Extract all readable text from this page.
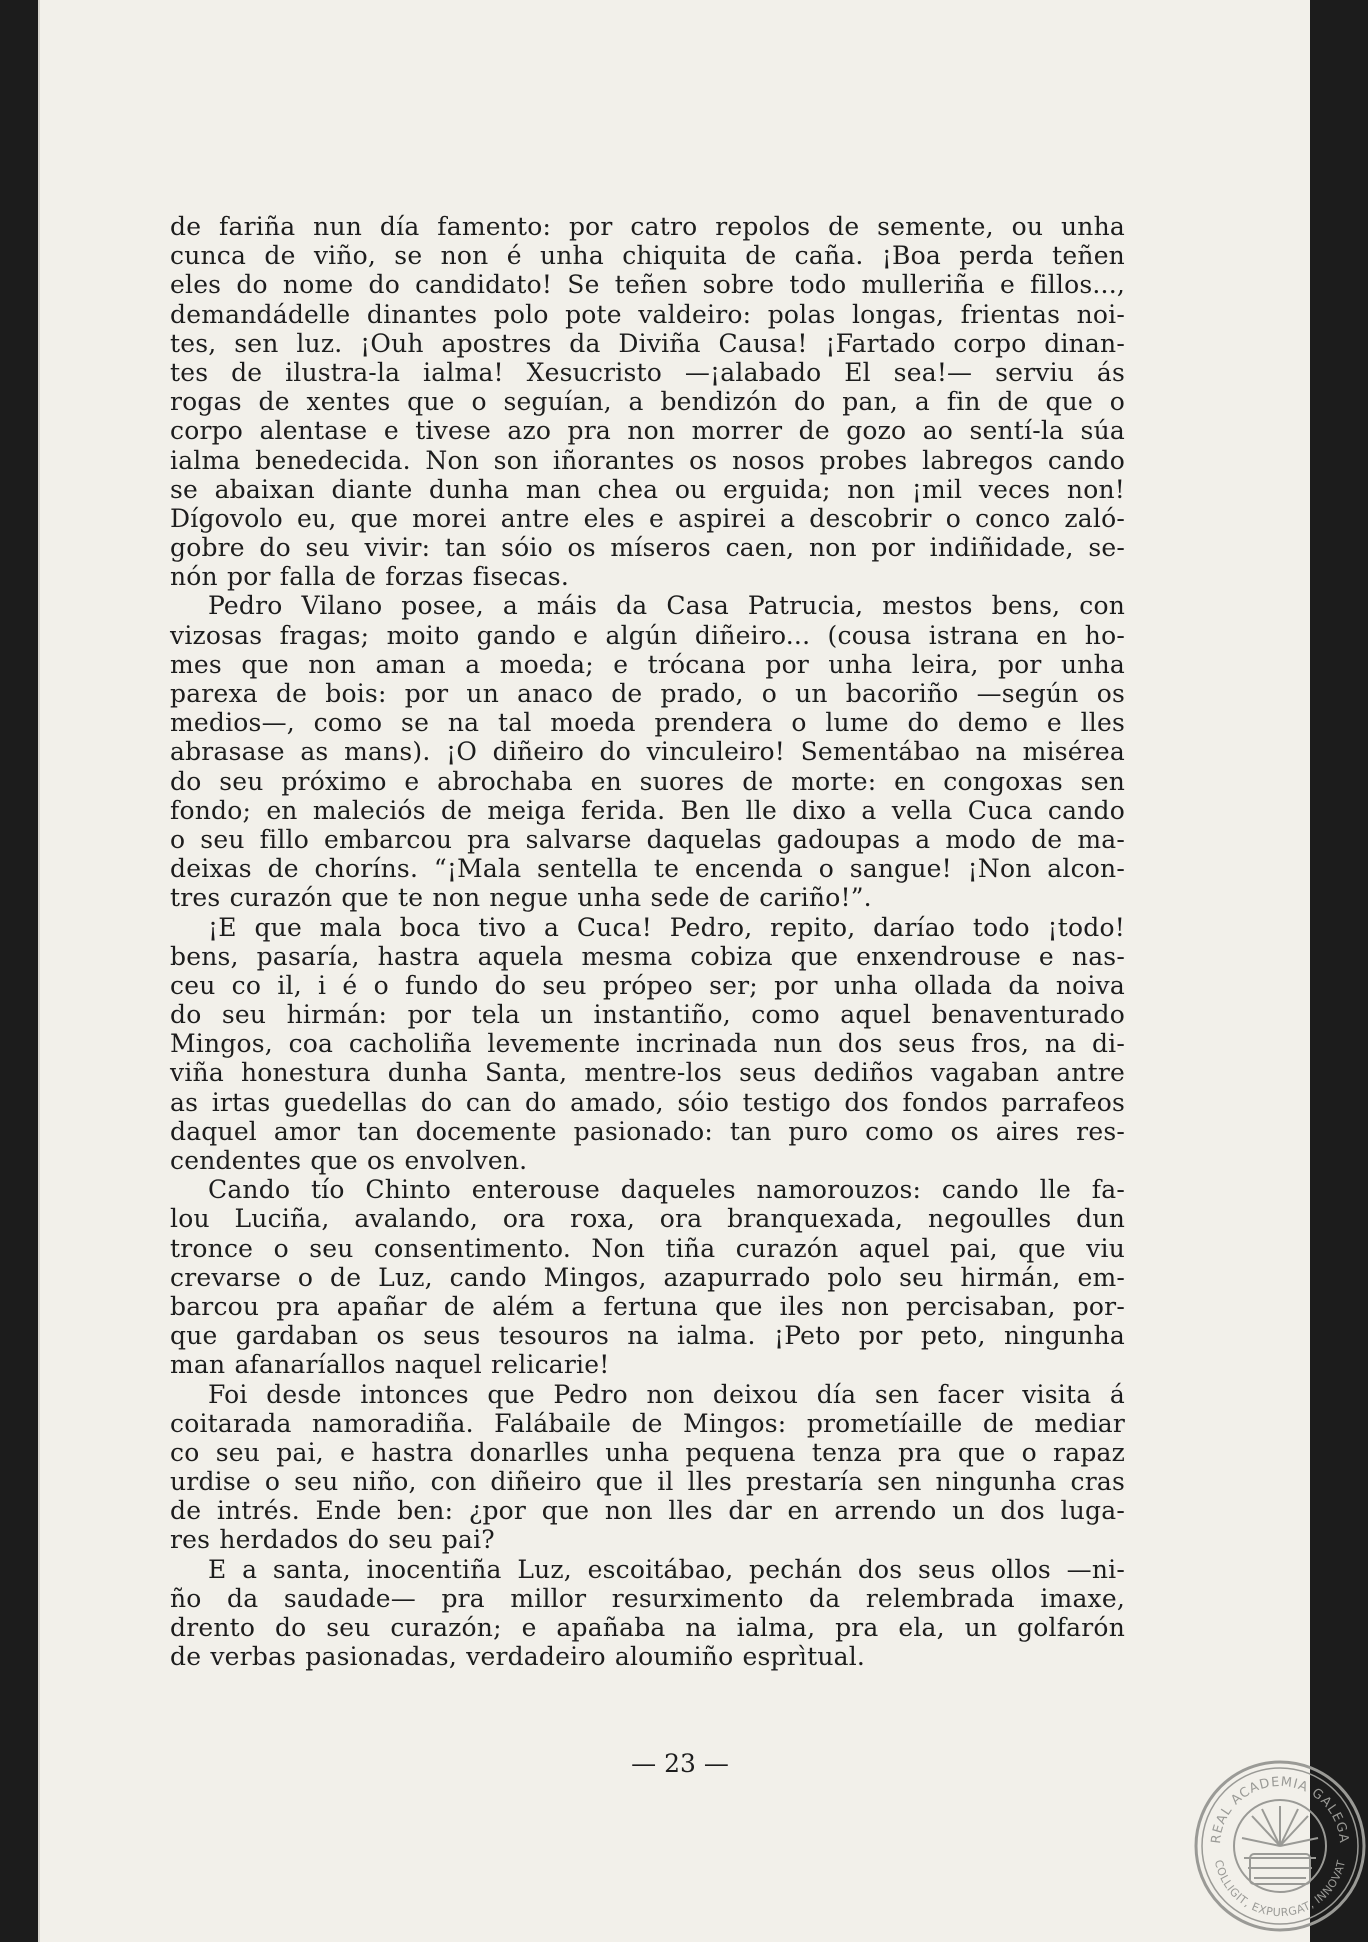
de fariña nun día famento: por catro repolos de semente, ou unha
cunca de viño, se non é unha chiquita de caña. ¡Boa perda teñen
eles do nome do candidato! Se teñen sobre todo mulleriña e fillos...,
demandádelle dinantes polo pote valdeiro: polas longas, frientas noi-
tes, sen luz. ¡Ouh apostres da Diviña Causa! ¡Fartado corpo dinan-
tes de ilustra-la ialma! Xesucristo —¡alabado El sea!— serviu ás
rogas de xentes que o seguían, a bendizón do pan, a fin de que o
corpo alentase e tivese azo pra non morrer de gozo ao sentí-la súa
ialma benedecida. Non son iñorantes os nosos probes labregos cando
se abaixan diante dunha man chea ou erguida; non ¡mil veces non!
Dígovolo eu, que morei antre eles e aspirei a descobrir o conco zaló-
gobre do seu vivir: tan sóio os míseros caen, non por indiñidade, se-
nón por falla de forzas fisecas.
Pedro Vilano posee, a máis da Casa Patrucia, mestos bens, con
vizosas fragas; moito gando e algún diñeiro... (cousa istrana en ho-
mes que non aman a moeda; e trócana por unha leira, por unha
parexa de bois: por un anaco de prado, o un bacoriño —según os
medios—, como se na tal moeda prendera o lume do demo e lles
abrasase as mans). ¡O diñeiro do vinculeiro! Sementábao na misérea
do seu próximo e abrochaba en suores de morte: en congoxas sen
fondo; en maleciós de meiga ferida. Ben lle dixo a vella Cuca cando
o seu fillo embarcou pra salvarse daquelas gadoupas a modo de ma-
deixas de choríns. “¡Mala sentella te encenda o sangue! ¡Non alcon-
tres curazón que te non negue unha sede de cariño!”.
¡E que mala boca tivo a Cuca! Pedro, repito, daríao todo ¡todo!
bens, pasaría, hastra aquela mesma cobiza que enxendrouse e nas-
ceu co il, i é o fundo do seu própeo ser; por unha ollada da noiva
do seu hirmán: por tela un instantiño, como aquel benaventurado
Mingos, coa cacholiña levemente incrinada nun dos seus fros, na di-
viña honestura dunha Santa, mentre-los seus dediños vagaban antre
as irtas guedellas do can do amado, sóio testigo dos fondos parrafeos
daquel amor tan docemente pasionado: tan puro como os aires res-
cendentes que os envolven.
Cando tío Chinto enterouse daqueles namorouzos: cando lle fa-
lou Luciña, avalando, ora roxa, ora branquexada, negoulles dun
tronce o seu consentimento. Non tiña curazón aquel pai, que viu
crevarse o de Luz, cando Mingos, azapurrado polo seu hirmán, em-
barcou pra apañar de além a fertuna que iles non percisaban, por-
que gardaban os seus tesouros na ialma. ¡Peto por peto, ningunha
man afanaríallos naquel relicarie!
Foi desde intonces que Pedro non deixou día sen facer visita á
coitarada namoradiña. Falábaile de Mingos: prometíaille de mediar
co seu pai, e hastra donarlles unha pequena tenza pra que o rapaz
urdise o seu niño, con diñeiro que il lles prestaría sen ningunha cras
de intrés. Ende ben: ¿por que non lles dar en arrendo un dos luga-
res herdados do seu pai?
E a santa, inocentiña Luz, escoitábao, pechán dos seus ollos —ni-
ño da saudade— pra millor resurximento da relembrada imaxe,
drento do seu curazón; e apañaba na ialma, pra ela, un golfarón
de verbas pasionadas, verdadeiro aloumiño esprìtual.
— 23 —
REAL ACADEMIA GALEGA
COLLIGIT, EXPURGAT, INNOVAT
